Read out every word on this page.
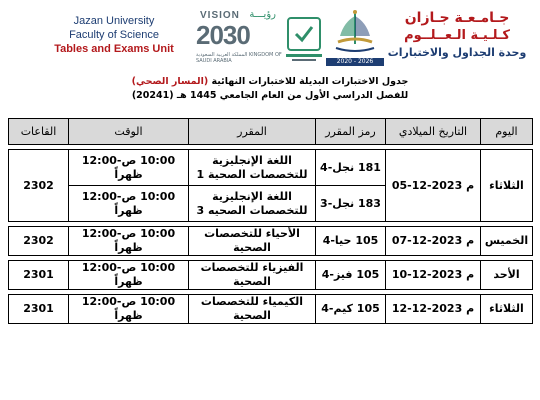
Jazan University
Faculty of Science
Tables and Exams Unit
VISION رؤيـــة
2030
المملكة العربية السعودية KINGDOM OF SAUDI ARABIA	2020 - 2026
جـامـعـة جـازان
كـلـيـة الـعــلــوم
وحدة الجداول والاختبارات
جدول الاختبارات البديلة للاختبارات النهائية (المسار الصحي)
للفصل الدراسي الأول من العام الجامعي 1445 هـ (20241)
اليوم	التاريخ الميلادي	رمز المقرر	المقرر	الوقت	القاعات

الثلاثاء	05-12-2023 م	181 نجل-4	اللغة الإنجليزية للتخصصات الصحية 1	10:00 ص-12:00 ظهراً	2302
		183 نجل-3	اللغة الإنجليزية للتخصصات الصحيه 3	10:00 ص-12:00 ظهراً	

الخميس	07-12-2023 م	105 حيا-4	الأحياء للتخصصات الصحية	10:00 ص-12:00 ظهراً	2302

الأحد	10-12-2023 م	105 فيز-4	الفيزياء للتخصصات الصحية	10:00 ص-12:00 ظهراً	2301

الثلاثاء	12-12-2023 م	105 كيم-4	الكيمياء للتخصصات الصحية	10:00 ص-12:00 ظهراً	2301
